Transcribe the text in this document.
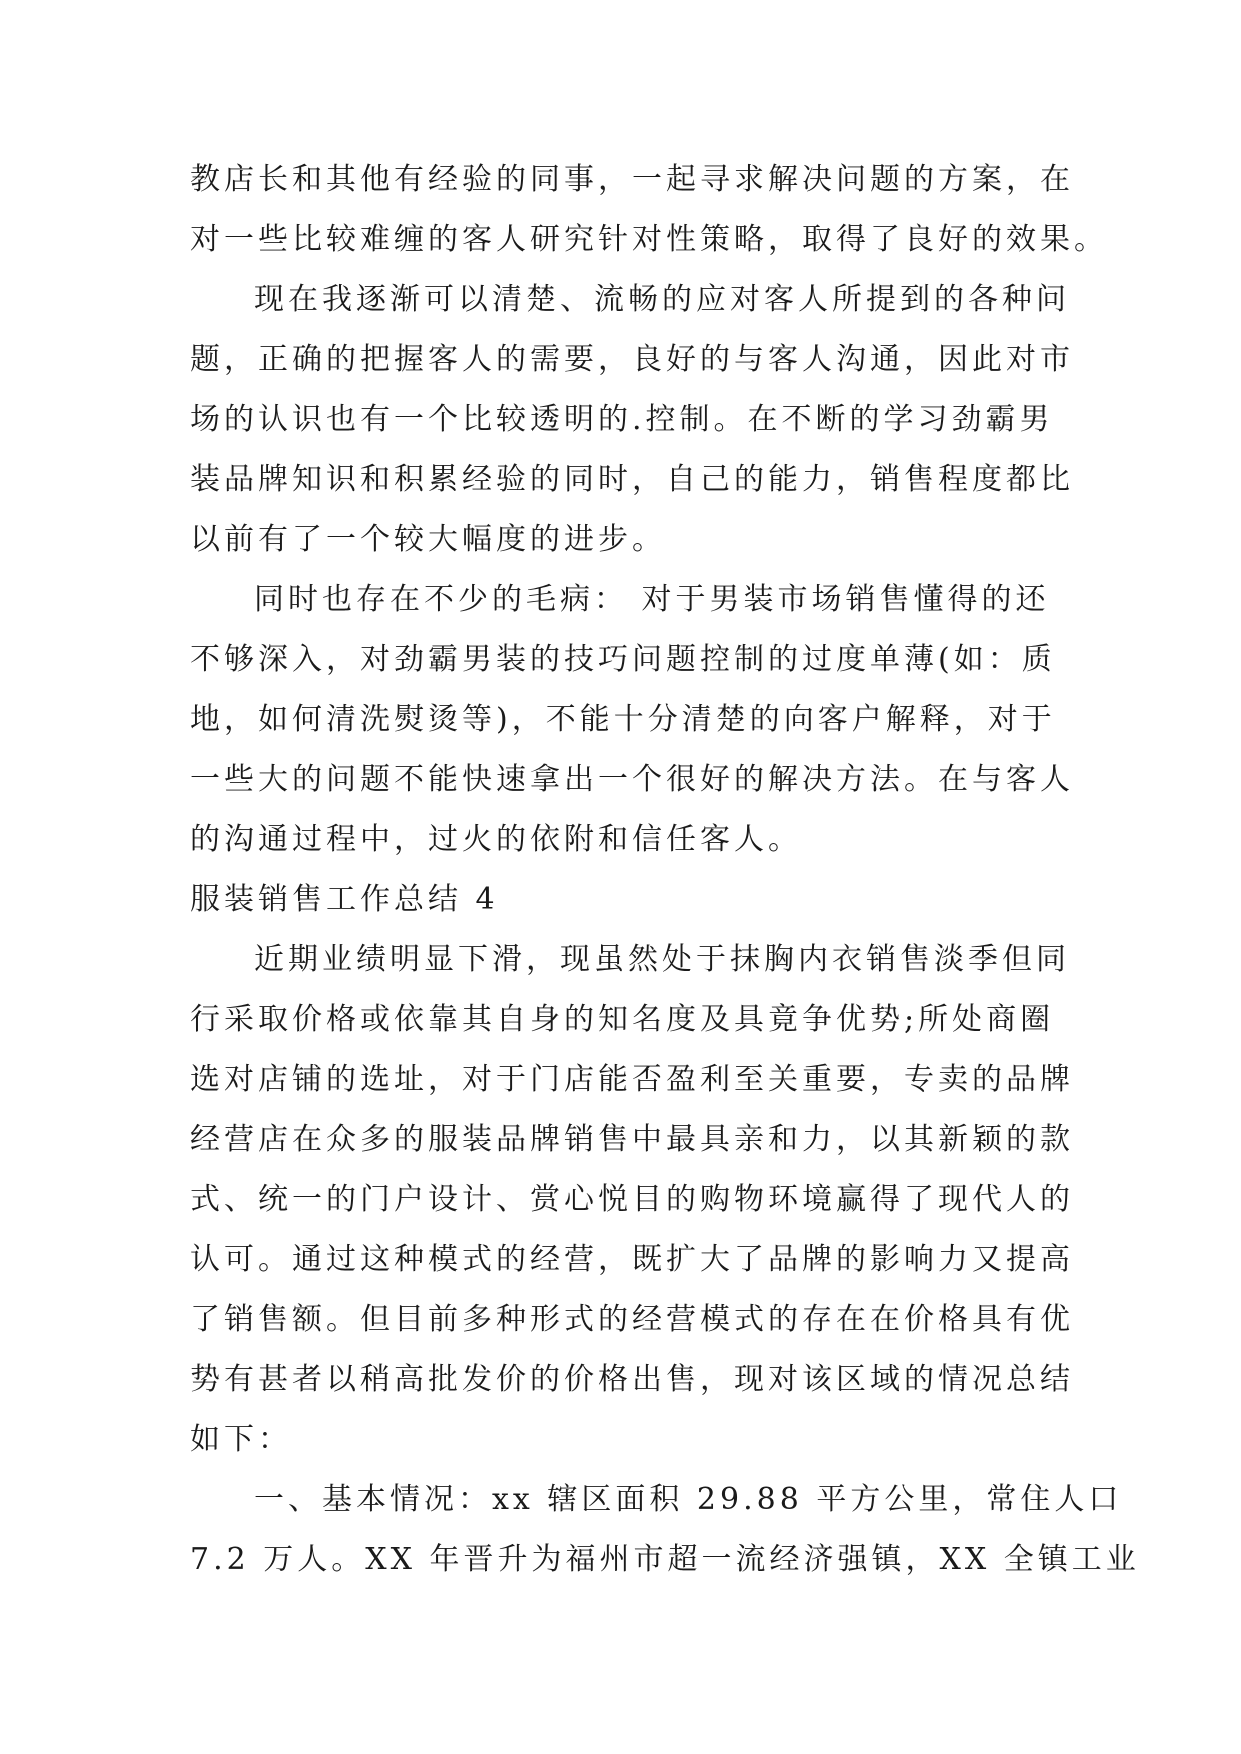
教店长和其他有经验的同事，一起寻求解决问题的方案，在
对一些比较难缠的客人研究针对性策略，取得了良好的效果。
现在我逐渐可以清楚、流畅的应对客人所提到的各种问
题，正确的把握客人的需要，良好的与客人沟通，因此对市
场的认识也有一个比较透明的.控制。在不断的学习劲霸男
装品牌知识和积累经验的同时，自己的能力，销售程度都比
以前有了一个较大幅度的进步。
同时也存在不少的毛病： 对于男装市场销售懂得的还
不够深入，对劲霸男装的技巧问题控制的过度单薄(如：质
地，如何清洗熨烫等)，不能十分清楚的向客户解释，对于
一些大的问题不能快速拿出一个很好的解决方法。在与客人
的沟通过程中，过火的依附和信任客人。
服装销售工作总结 4
近期业绩明显下滑，现虽然处于抹胸内衣销售淡季但同
行采取价格或依靠其自身的知名度及具竟争优势;所处商圈
选对店铺的选址，对于门店能否盈利至关重要，专卖的品牌
经营店在众多的服装品牌销售中最具亲和力，以其新颖的款
式、统一的门户设计、赏心悦目的购物环境赢得了现代人的
认可。通过这种模式的经营，既扩大了品牌的影响力又提高
了销售额。但目前多种形式的经营模式的存在在价格具有优
势有甚者以稍高批发价的价格出售，现对该区域的情况总结
如下：
一、基本情况：xx 辖区面积 29.88 平方公里，常住人口
7.2 万人。XX 年晋升为福州市超一流经济强镇，XX 全镇工业
